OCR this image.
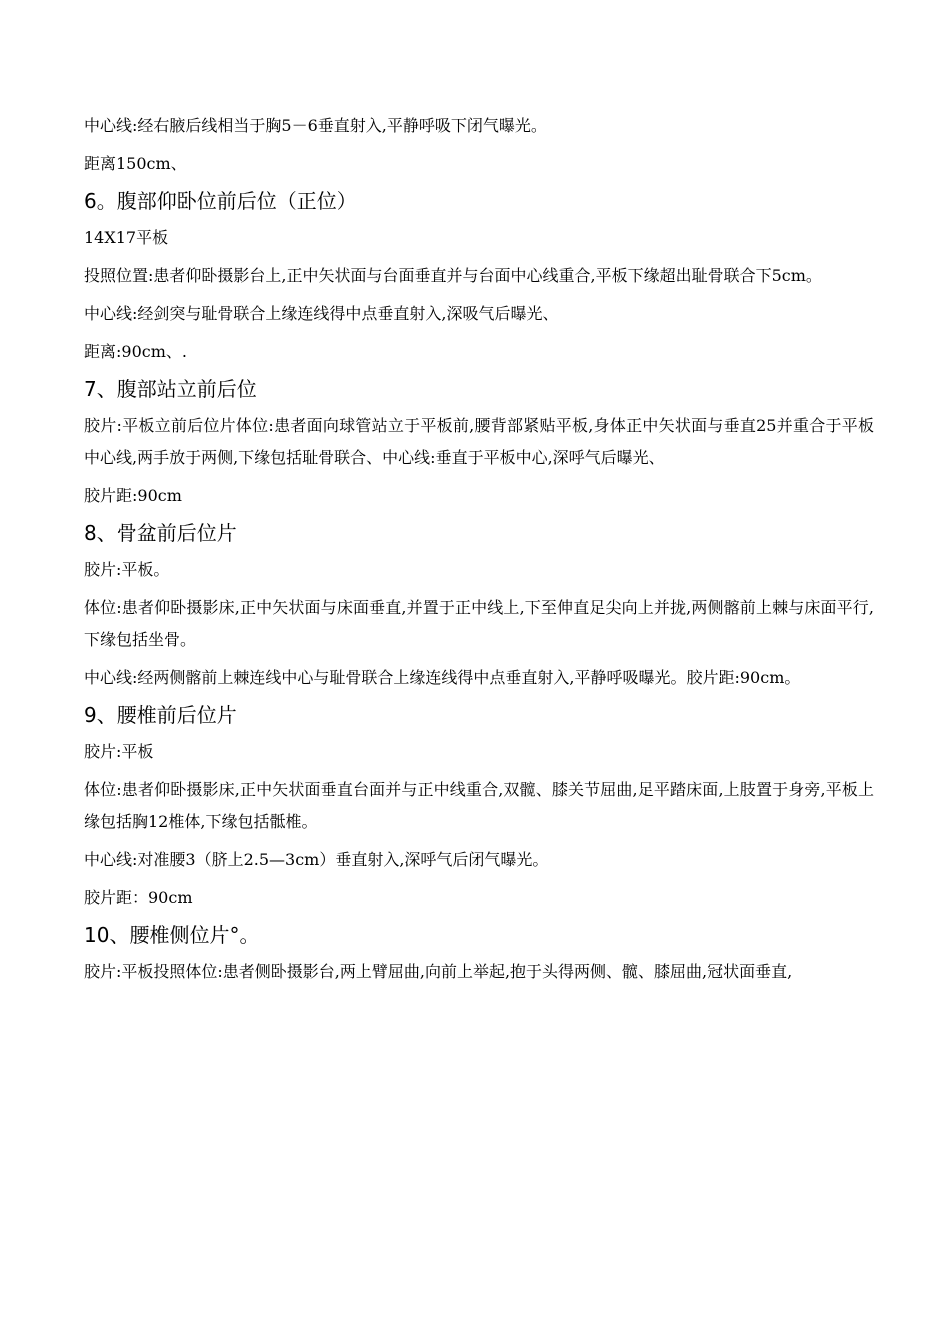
中心线:经右腋后线相当于胸5－6垂直射入,平静呼吸下闭气曝光。

距离150cm、

6。腹部仰卧位前后位（正位）

14X17平板

投照位置:患者仰卧摄影台上,正中矢状面与台面垂直并与台面中心线重合,平板下缘超出耻骨联合下5cm。

中心线:经剑突与耻骨联合上缘连线得中点垂直射入,深吸气后曝光、

距离:90cm、.

7、腹部站立前后位

胶片:平板立前后位片体位:患者面向球管站立于平板前,腰背部紧贴平板,身体正中矢状面与垂直25并重合于平板中心线,两手放于两侧,下缘包括耻骨联合、中心线:垂直于平板中心,深呼气后曝光、

胶片距:90cm

8、骨盆前后位片

胶片:平板。

体位:患者仰卧摄影床,正中矢状面与床面垂直,并置于正中线上,下至伸直足尖向上并拢,两侧髂前上棘与床面平行,下缘包括坐骨。

中心线:经两侧髂前上棘连线中心与耻骨联合上缘连线得中点垂直射入,平静呼吸曝光。胶片距:90cm。

9、腰椎前后位片

胶片:平板

体位:患者仰卧摄影床,正中矢状面垂直台面并与正中线重合,双髋、膝关节屈曲,足平踏床面,上肢置于身旁,平板上缘包括胸12椎体,下缘包括骶椎。

中心线:对准腰3（脐上2.5—3cm）垂直射入,深呼气后闭气曝光。

胶片距：90cm

10、腰椎侧位片°。

胶片:平板投照体位:患者侧卧摄影台,两上臂屈曲,向前上举起,抱于头得两侧、髋、膝屈曲,冠状面垂直,
